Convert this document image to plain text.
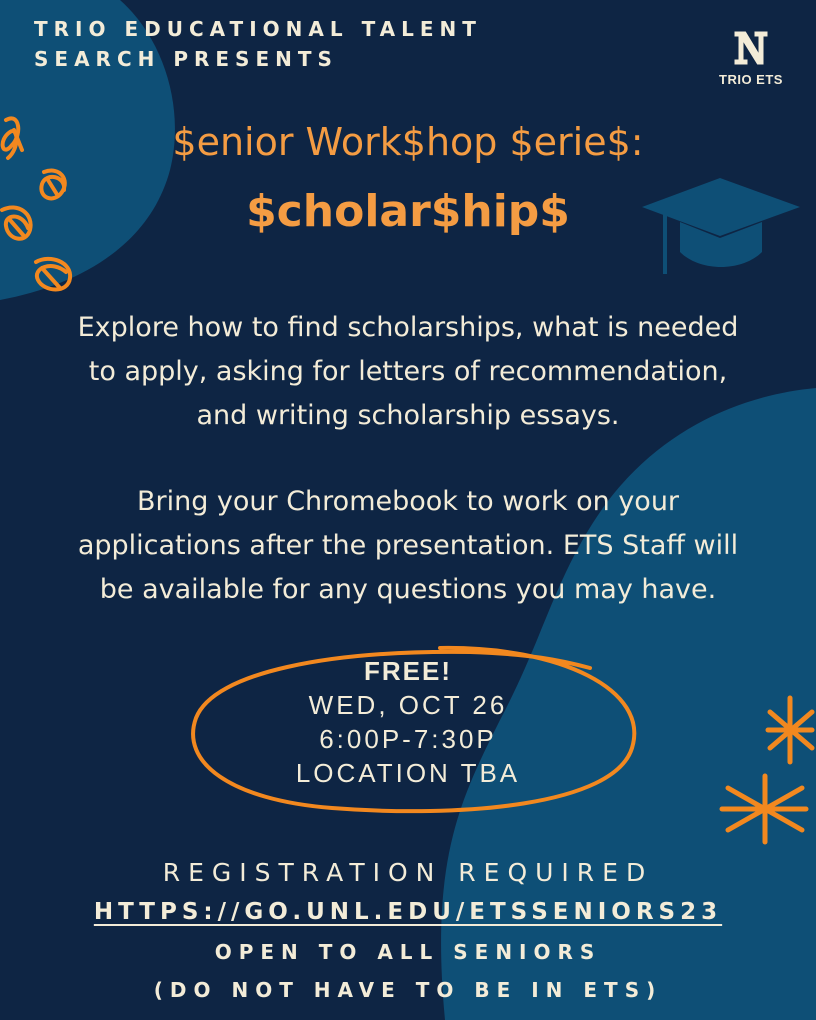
TRIO EDUCATIONAL TALENT
SEARCH PRESENTS
TRIO ETS
$enior Work$hop $erie$:
$cholar$hip$
Explore how to find scholarships, what is needed
to apply, asking for letters of recommendation,
and writing scholarship essays.
Bring your Chromebook to work on your
applications after the presentation. ETS Staff will
be available for any questions you may have.
FREE!
WED, OCT 26
6:00P-7:30P
LOCATION TBA
REGISTRATION REQUIRED
HTTPS://GO.UNL.EDU/ETSSENIORS23
OPEN TO ALL SENIORS
(DO NOT HAVE TO BE IN ETS)
